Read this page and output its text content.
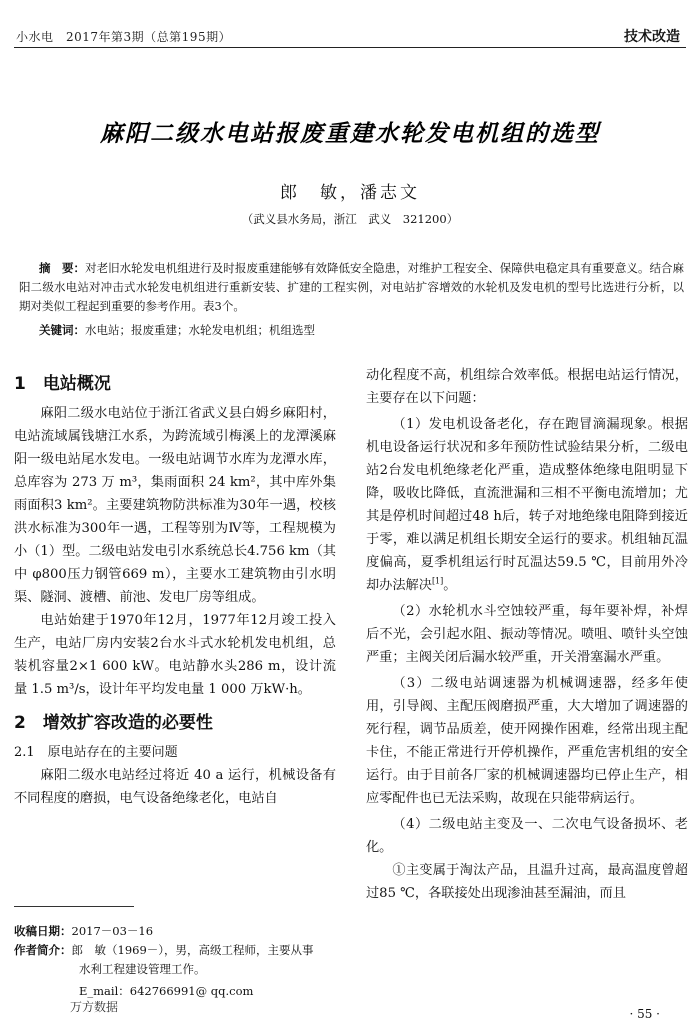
小水电　2017年第3期（总第195期）	技术改造
麻阳二级水电站报废重建水轮发电机组的选型
郎　敏，潘志文
（武义县水务局，浙江　武义　321200）
摘　要：对老旧水轮发电机组进行及时报废重建能够有效降低安全隐患，对维护工程安全、保障供电稳定具有重要意义。结合麻阳二级水电站对冲击式水轮发电机组进行重新安装、扩建的工程实例，对电站扩容增效的水轮机及发电机的型号比选进行分析，以期对类似工程起到重要的参考作用。表3个。
关键词：水电站；报废重建；水轮发电机组；机组选型
1　电站概况

麻阳二级水电站位于浙江省武义县白姆乡麻阳村，电站流域属钱塘江水系，为跨流域引梅溪上的龙潭溪麻阳一级电站尾水发电。一级电站调节水库为龙潭水库，总库容为 273 万 m³，集雨面积 24 km²，其中库外集雨面积3 km²。主要建筑物防洪标准为30年一遇，校核洪水标准为300年一遇，工程等别为Ⅳ等，工程规模为小（1）型。二级电站发电引水系统总长4.756 km（其中 φ800压力钢管669 m），主要水工建筑物由引水明渠、隧洞、渡槽、前池、发电厂房等组成。

电站始建于1970年12月，1977年12月竣工投入生产，电站厂房内安装2台水斗式水轮机发电机组，总装机容量2×1 600 kW。电站静水头286 m，设计流量 1.5 m³/s，设计年平均发电量 1 000 万kW·h。

2　增效扩容改造的必要性
2.1　原电站存在的主要问题

麻阳二级水电站经过将近 40 a 运行，机械设备有不同程度的磨损，电气设备绝缘老化，电站自

动化程度不高，机组综合效率低。根据电站运行情况，主要存在以下问题：

（1）发电机设备老化，存在跑冒滴漏现象。根据机电设备运行状况和多年预防性试验结果分析，二级电站2台发电机绝缘老化严重，造成整体绝缘电阻明显下降，吸收比降低，直流泄漏和三相不平衡电流增加；尤其是停机时间超过48 h后，转子对地绝缘电阻降到接近于零，难以满足机组长期安全运行的要求。机组轴瓦温度偏高，夏季机组运行时瓦温达59.5 ℃，目前用外冷却办法解决[1]。

（2）水轮机水斗空蚀较严重，每年要补焊，补焊后不光，会引起水阻、振动等情况。喷咀、喷针头空蚀严重；主阀关闭后漏水较严重，开关滑塞漏水严重。

（3）二级电站调速器为机械调速器，经多年使用，引导阀、主配压阀磨损严重，大大增加了调速器的死行程，调节品质差，使开网操作困难，经常出现主配卡住，不能正常进行开停机操作，严重危害机组的安全运行。由于目前各厂家的机械调速器均已停止生产，相应零配件也已无法采购，故现在只能带病运行。

（4）二级电站主变及一、二次电气设备损坏、老化。

①主变属于淘汰产品，且温升过高，最高温度曾超过85 ℃，各联接处出现渗油甚至漏油，而且

收稿日期：2017－03－16
作者简介：郎　敏（1969－），男，高级工程师，主要从事
水利工程建设管理工作。
E_mail：642766991@ qq.com
万方数据	· 55 ·
